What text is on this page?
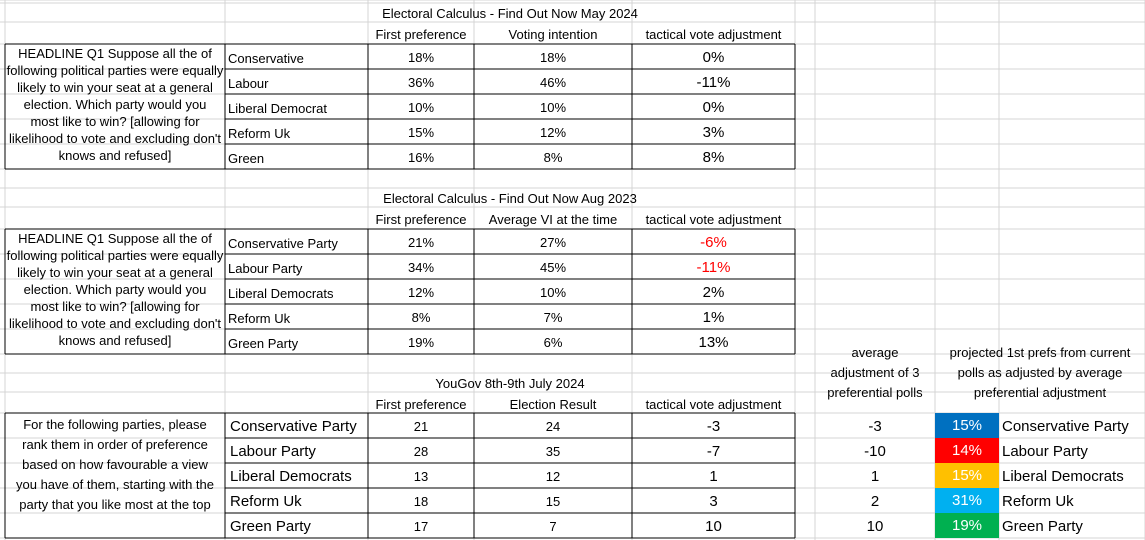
Electoral Calculus - Find Out Now May 2024
First preference	Voting intention	tactical vote adjustment
HEADLINE Q1 Suppose all the of
following political parties were equally
likely to win your seat at a general
election. Which party would you
most like to win? [allowing for
likelihood to vote and excluding don't
knows and refused]
Conservative	18%	18%	0%
Labour	36%	46%	-11%
Liberal Democrat	10%	10%	0%
Reform Uk	15%	12%	3%
Green	16%	8%	8%
Electoral Calculus - Find Out Now Aug 2023
First preference	Average VI at the time	tactical vote adjustment
HEADLINE Q1 Suppose all the of
following political parties were equally
likely to win your seat at a general
election. Which party would you
most like to win? [allowing for
likelihood to vote and excluding don't
knows and refused]
Conservative Party	21%	27%	-6%
Labour Party	34%	45%	-11%
Liberal Democrats	12%	10%	2%
Reform Uk	8%	7%	1%
Green Party	19%	6%	13%
YouGov 8th-9th July 2024
First preference	Election Result	tactical vote adjustment
For the following parties, please
rank them in order of preference
based on how favourable a view
you have of them, starting with the
party that you like most at the top
Conservative Party	21	24	-3
Labour Party	28	35	-7
Liberal Democrats	13	12	1
Reform Uk	18	15	3
Green Party	17	7	10
average
adjustment of 3
preferential polls
projected 1st prefs from current
polls as adjusted by average
preferential adjustment
-3	15%	Conservative Party
-10	14%	Labour Party
1	15%	Liberal Democrats
2	31%	Reform Uk
10	19%	Green Party
